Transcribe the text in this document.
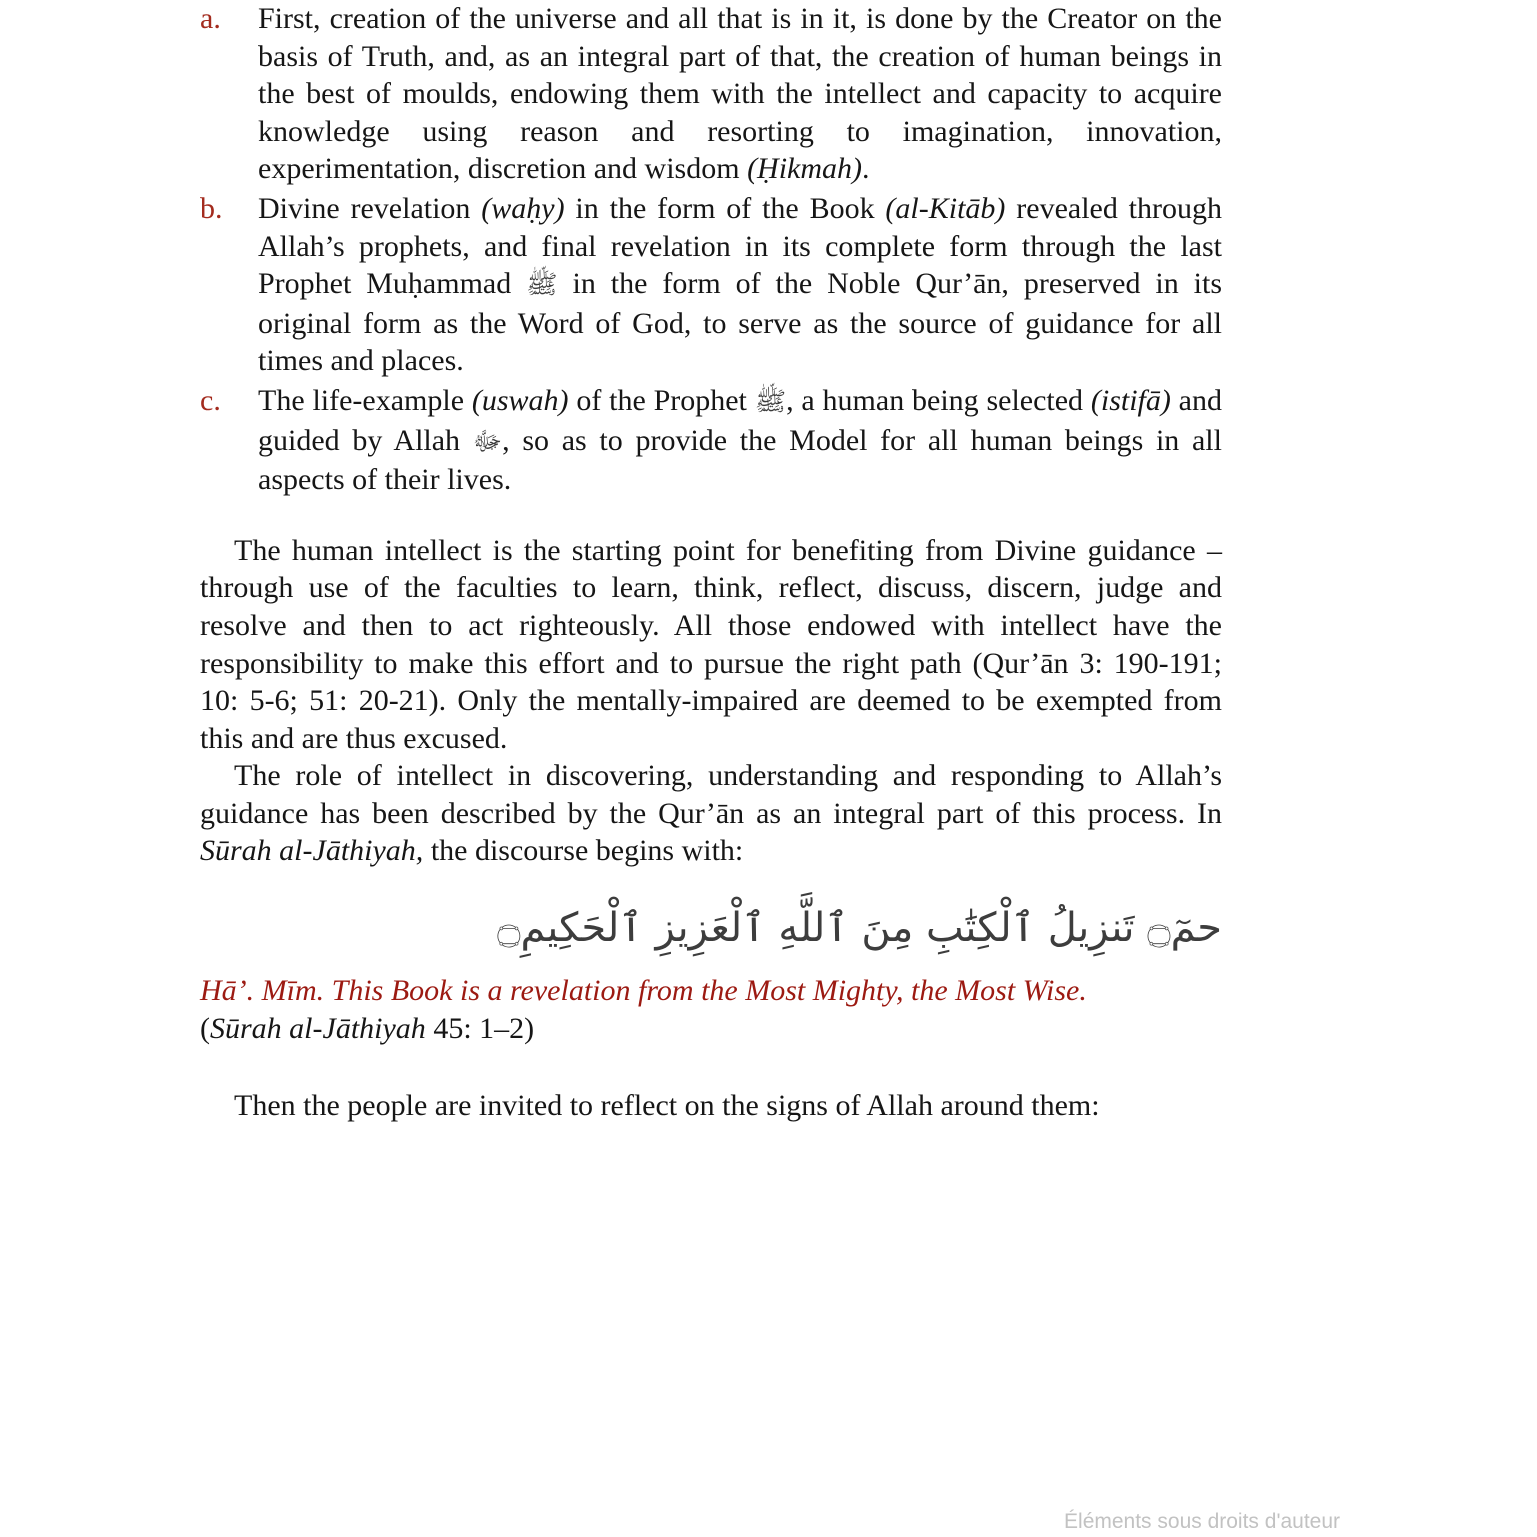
a. First, creation of the universe and all that is in it, is done by the Creator on the basis of Truth, and, as an integral part of that, the creation of human beings in the best of moulds, endowing them with the intellect and capacity to acquire knowledge using reason and resorting to imagination, innovation, experimentation, discretion and wisdom (Ḥikmah).
b. Divine revelation (waḥy) in the form of the Book (al-Kitāb) revealed through Allah’s prophets, and final revelation in its complete form through the last Prophet Muḥammad ﷺ in the form of the Noble Qur’ān, preserved in its original form as the Word of God, to serve as the source of guidance for all times and places.
c. The life-example (uswah) of the Prophet ﷺ, a human being selected (istifā) and guided by Allah ﷻ, so as to provide the Model for all human beings in all aspects of their lives.

The human intellect is the starting point for benefiting from Divine guidance – through use of the faculties to learn, think, reflect, discuss, discern, judge and resolve and then to act righteously. All those endowed with intellect have the responsibility to make this effort and to pursue the right path (Qur’ān 3: 190-191; 10: 5-6; 51: 20-21). Only the mentally-impaired are deemed to be exempted from this and are thus excused.

The role of intellect in discovering, understanding and responding to Allah’s guidance has been described by the Qur’ān as an integral part of this process. In Sūrah al-Jāthiyah, the discourse begins with:

حمٓ۝ تَنزِيلُ ٱلْكِتَٰبِ مِنَ ٱللَّهِ ٱلْعَزِيزِ ٱلْحَكِيمِ۝
Hā’. Mīm. This Book is a revelation from the Most Mighty, the Most Wise.
(Sūrah al-Jāthiyah 45: 1–2)

Then the people are invited to reflect on the signs of Allah around them:

Éléments sous droits d'auteur
